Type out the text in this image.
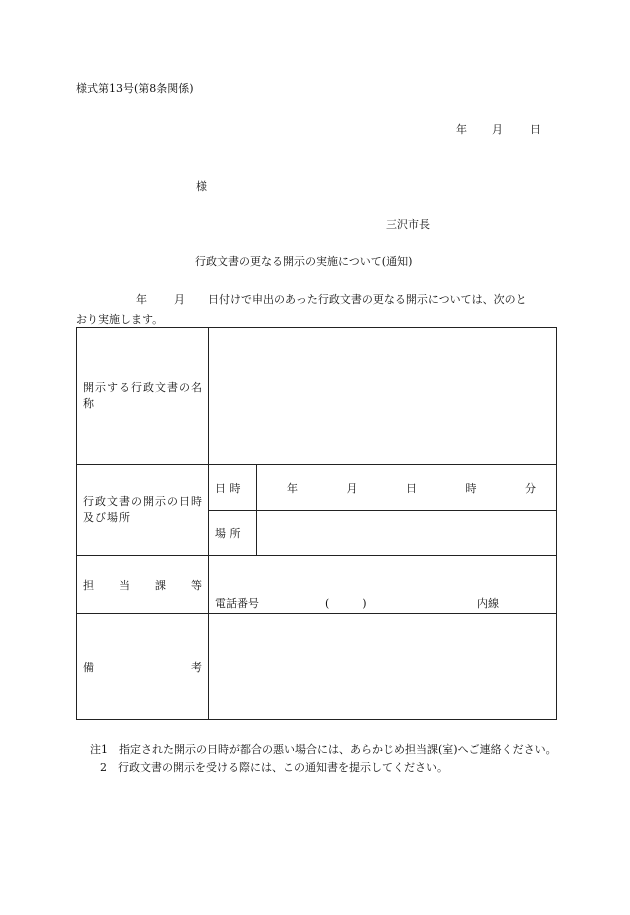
様式第13号(第8条関係)
年 月 日
様
三沢市長
行政文書の更なる開示の実施について(通知)
年 月 日付けで申出のあった行政文書の更なる開示については、次のと
おり実施します。
開示する行政文書の名称		

行政文書の開示の日時及び場所	日 時	年 月 日 時 分

	場 所	

担 当 課 等	電話番号 (　　　) 内線	

備 考		

注1　指定された開示の日時が都合の悪い場合には、あらかじめ担当課(室)へご連絡ください。
2　行政文書の開示を受ける際には、この通知書を提示してください。
